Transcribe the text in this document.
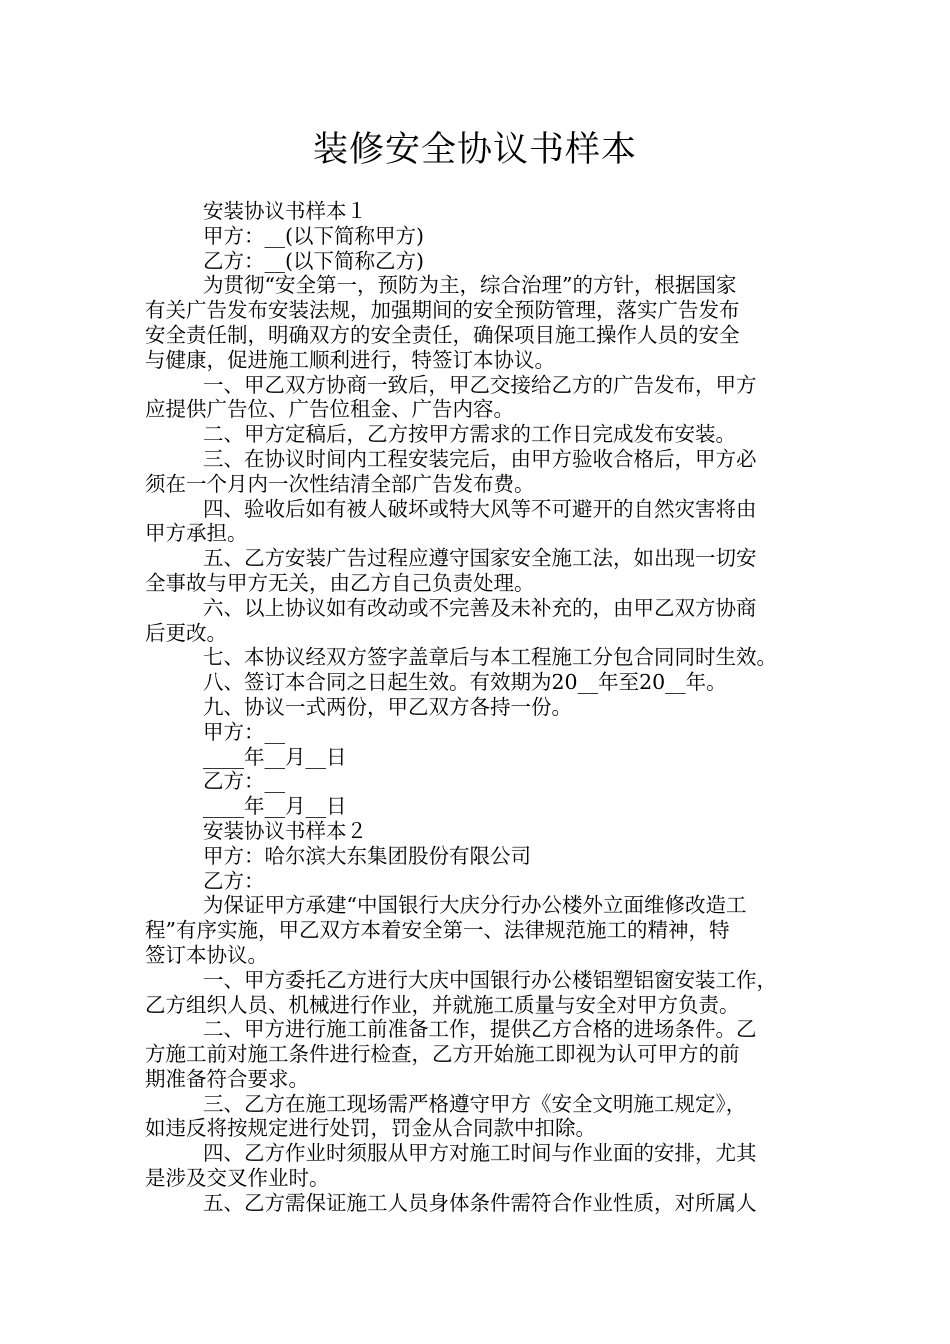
装修安全协议书样本
安装协议书样本１
甲方：__(以下简称甲方)
乙方：__(以下简称乙方)
为贯彻“安全第一，预防为主，综合治理”的方针，根据国家
有关广告发布安装法规，加强期间的安全预防管理，落实广告发布
安全责任制，明确双方的安全责任，确保项目施工操作人员的安全
与健康，促进施工顺利进行，特签订本协议。
一、甲乙双方协商一致后，甲乙交接给乙方的广告发布，甲方
应提供广告位、广告位租金、广告内容。
二、甲方定稿后，乙方按甲方需求的工作日完成发布安装。
三、在协议时间内工程安装完后，由甲方验收合格后，甲方必
须在一个月内一次性结清全部广告发布费。
四、验收后如有被人破坏或特大风等不可避开的自然灾害将由
甲方承担。
五、乙方安装广告过程应遵守国家安全施工法，如出现一切安
全事故与甲方无关，由乙方自己负责处理。
六、以上协议如有改动或不完善及未补充的，由甲乙双方协商
后更改。
七、本协议经双方签字盖章后与本工程施工分包合同同时生效。
八、签订本合同之日起生效。有效期为20__年至20__年。
九、协议一式两份，甲乙双方各持一份。
甲方：__
____年__月__日
乙方：__
____年__月__日
安装协议书样本２
甲方：哈尔滨大东集团股份有限公司
乙方：
为保证甲方承建“中国银行大庆分行办公楼外立面维修改造工
程”有序实施，甲乙双方本着安全第一、法律规范施工的精神，特
签订本协议。
一、甲方委托乙方进行大庆中国银行办公楼铝塑铝窗安装工作，
乙方组织人员、机械进行作业，并就施工质量与安全对甲方负责。
二、甲方进行施工前准备工作，提供乙方合格的进场条件。乙
方施工前对施工条件进行检查，乙方开始施工即视为认可甲方的前
期准备符合要求。
三、乙方在施工现场需严格遵守甲方《安全文明施工规定》，
如违反将按规定进行处罚，罚金从合同款中扣除。
四、乙方作业时须服从甲方对施工时间与作业面的安排，尤其
是涉及交叉作业时。
五、乙方需保证施工人员身体条件需符合作业性质，对所属人
